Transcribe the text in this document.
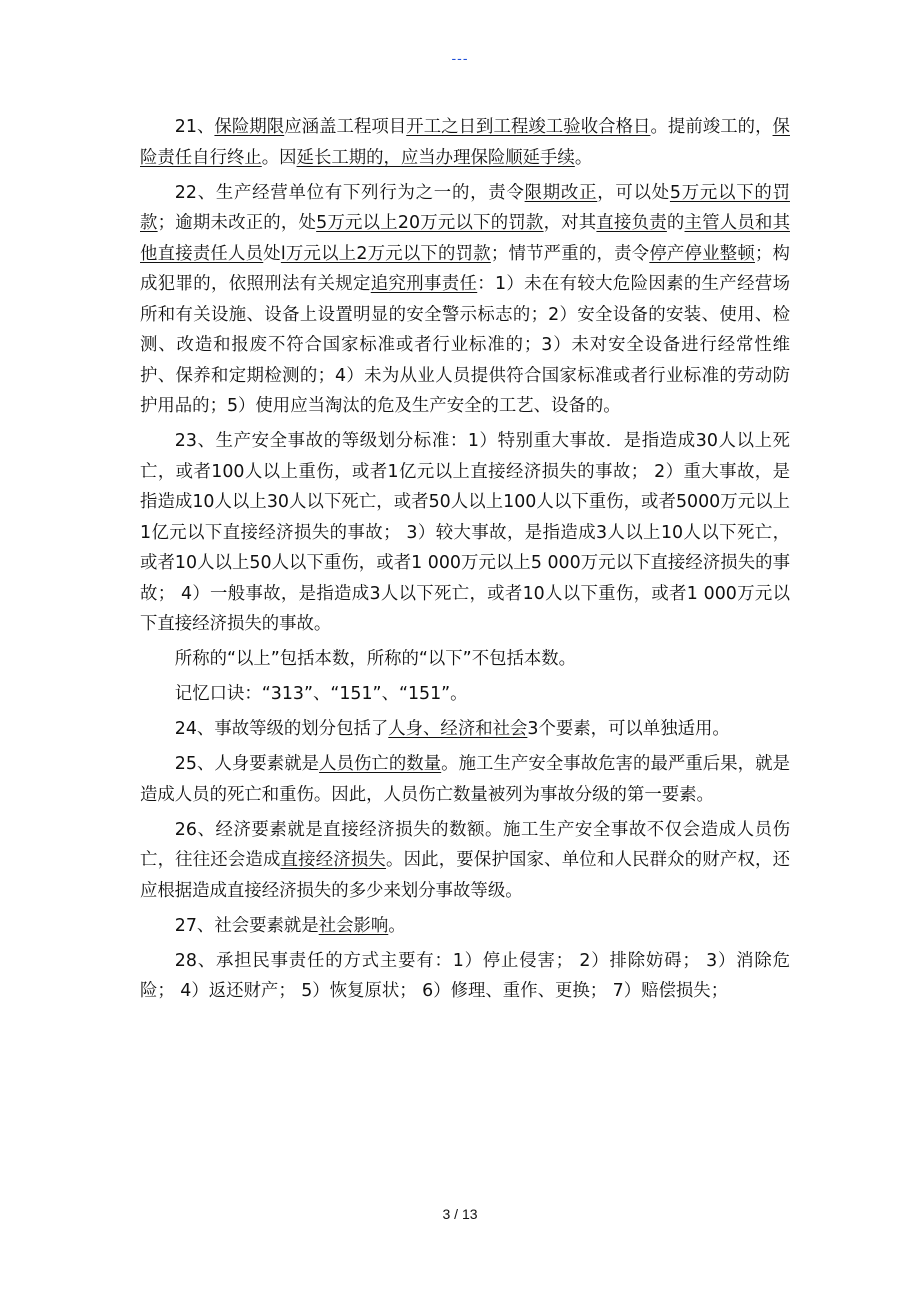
---

21、保险期限应涵盖工程项目开工之日到工程竣工验收合格日。提前竣工的，保险责任自行终止。因延长工期的，应当办理保险顺延手续。

22、生产经营单位有下列行为之一的，责令限期改正，可以处5万元以下的罚款；逾期未改正的，处5万元以上20万元以下的罚款，对其直接负责的主管人员和其他直接责任人员处l万元以上2万元以下的罚款；情节严重的，责令停产停业整顿；构成犯罪的，依照刑法有关规定追究刑事责任：1）未在有较大危险因素的生产经营场所和有关设施、设备上设置明显的安全警示标志的；2）安全设备的安装、使用、检测、改造和报废不符合国家标准或者行业标准的；3）未对安全设备进行经常性维护、保养和定期检测的；4）未为从业人员提供符合国家标准或者行业标准的劳动防护用品的；5）使用应当淘汰的危及生产安全的工艺、设备的。

23、生产安全事故的等级划分标准：1）特别重大事故．是指造成30人以上死亡，或者100人以上重伤，或者1亿元以上直接经济损失的事故； 2）重大事故，是指造成10人以上30人以下死亡，或者50人以上100人以下重伤，或者5000万元以上1亿元以下直接经济损失的事故； 3）较大事故，是指造成3人以上10人以下死亡，或者10人以上50人以下重伤，或者1 000万元以上5 000万元以下直接经济损失的事故； 4）一般事故，是指造成3人以下死亡，或者10人以下重伤，或者1 000万元以下直接经济损失的事故。

所称的“以上”包括本数，所称的“以下”不包括本数。

记忆口诀：“313”、“151”、“151”。

24、事故等级的划分包括了人身、经济和社会3个要素，可以单独适用。

25、人身要素就是人员伤亡的数量。施工生产安全事故危害的最严重后果，就是造成人员的死亡和重伤。因此，人员伤亡数量被列为事故分级的第一要素。

26、经济要素就是直接经济损失的数额。施工生产安全事故不仅会造成人员伤亡，往往还会造成直接经济损失。因此，要保护国家、单位和人民群众的财产权，还应根据造成直接经济损失的多少来划分事故等级。

27、社会要素就是社会影响。

28、承担民事责任的方式主要有：1）停止侵害； 2）排除妨碍； 3）消除危险； 4）返还财产； 5）恢复原状； 6）修理、重作、更换； 7）赔偿损失；

3 / 13
